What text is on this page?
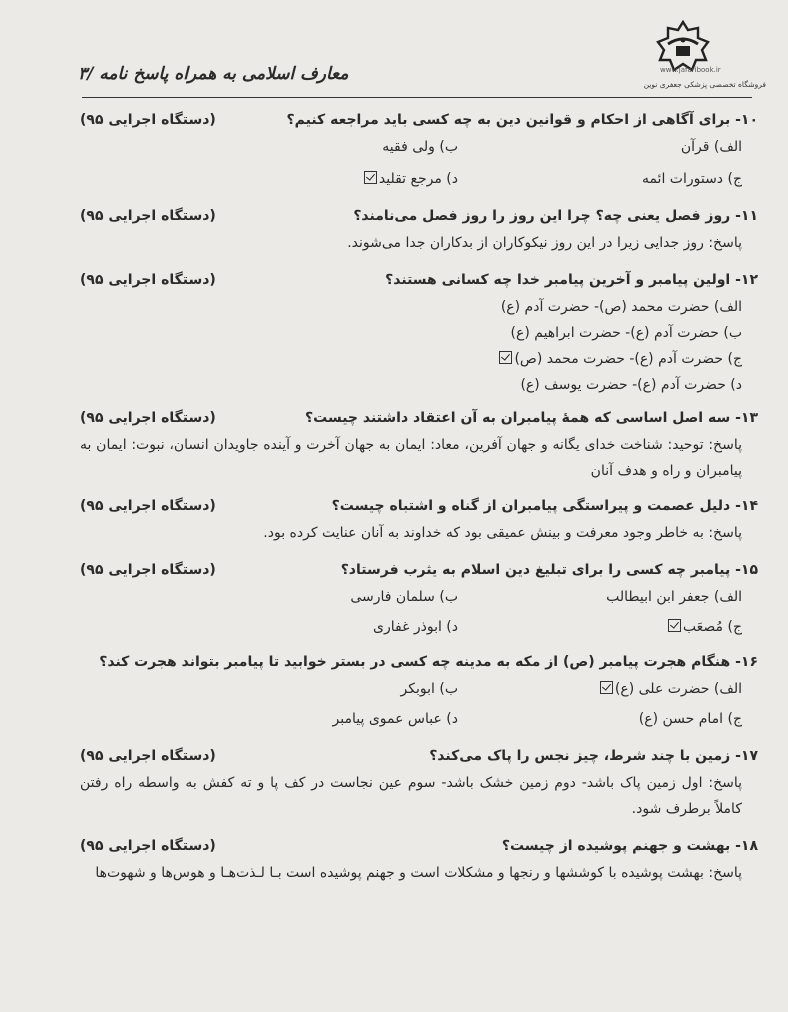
www.jafaribook.ir
فروشگاه تخصصی پزشکی جعفری نوین
معارف اسلامی به همراه پاسخ نامه /۳
۱۰- برای آگاهی از احکام و قوانین دین به چه کسی باید مراجعه کنیم؟
(دستگاه اجرایی ۹۵)
الف) قرآن
ب) ولی فقیه
ج) دستورات ائمه
د) مرجع تقلید
۱۱- روز فصل یعنی چه؟ چرا این روز را روز فصل می‌نامند؟
(دستگاه اجرایی ۹۵)
پاسخ: روز جدایی زیرا در این روز نیکوکاران از بدکاران جدا می‌شوند.
۱۲- اولین پیامبر و آخرین پیامبر خدا چه کسانی هستند؟
(دستگاه اجرایی ۹۵)
الف) حضرت محمد (ص)- حضرت آدم (ع)
ب) حضرت آدم (ع)- حضرت ابراهیم (ع)
ج) حضرت آدم (ع)- حضرت محمد (ص)
د) حضرت آدم (ع)- حضرت یوسف (ع)
۱۳- سه اصل اساسی که همهٔ پیامبران به آن اعتقاد داشتند چیست؟
(دستگاه اجرایی ۹۵)
پاسخ: توحید: شناخت خدای یگانه و جهان آفرین، معاد: ایمان به جهان آخرت و آینده جاویدان انسان، نبوت: ایمان به پیامبران و راه و هدف آنان
۱۴- دلیل عصمت و پیراستگی پیامبران از گناه و اشتباه چیست؟
(دستگاه اجرایی ۹۵)
پاسخ: به خاطر وجود معرفت و بینش عمیقی بود که خداوند به آنان عنایت کرده بود.
۱۵- پیامبر چه کسی را برای تبلیغ دین اسلام به یثرب فرستاد؟
(دستگاه اجرایی ۹۵)
الف) جعفر ابن ابیطالب
ب) سلمان فارسی
ج) مُصعَب
د) ابوذر غفاری
۱۶- هنگام هجرت پیامبر (ص) از مکه به مدینه چه کسی در بستر خوابید تا پیامبر بتواند هجرت کند؟
الف) حضرت علی (ع)
ب) ابوبکر
ج) امام حسن (ع)
د) عباس عموی پیامبر
۱۷- زمین با چند شرط، چیز نجس را پاک می‌کند؟
(دستگاه اجرایی ۹۵)
پاسخ: اول زمین پاک باشد- دوم زمین خشک باشد- سوم عین نجاست در کف پا و ته کفش به واسطه راه رفتن کاملاً برطرف شود.
۱۸- بهشت و جهنم پوشیده از چیست؟
(دستگاه اجرایی ۹۵)
پاسخ: بهشت پوشیده با کوششها و رنجها و مشکلات است و جهنم پوشیده است بـا لـذت‌هـا و هوس‌ها و شهوت‌ها
